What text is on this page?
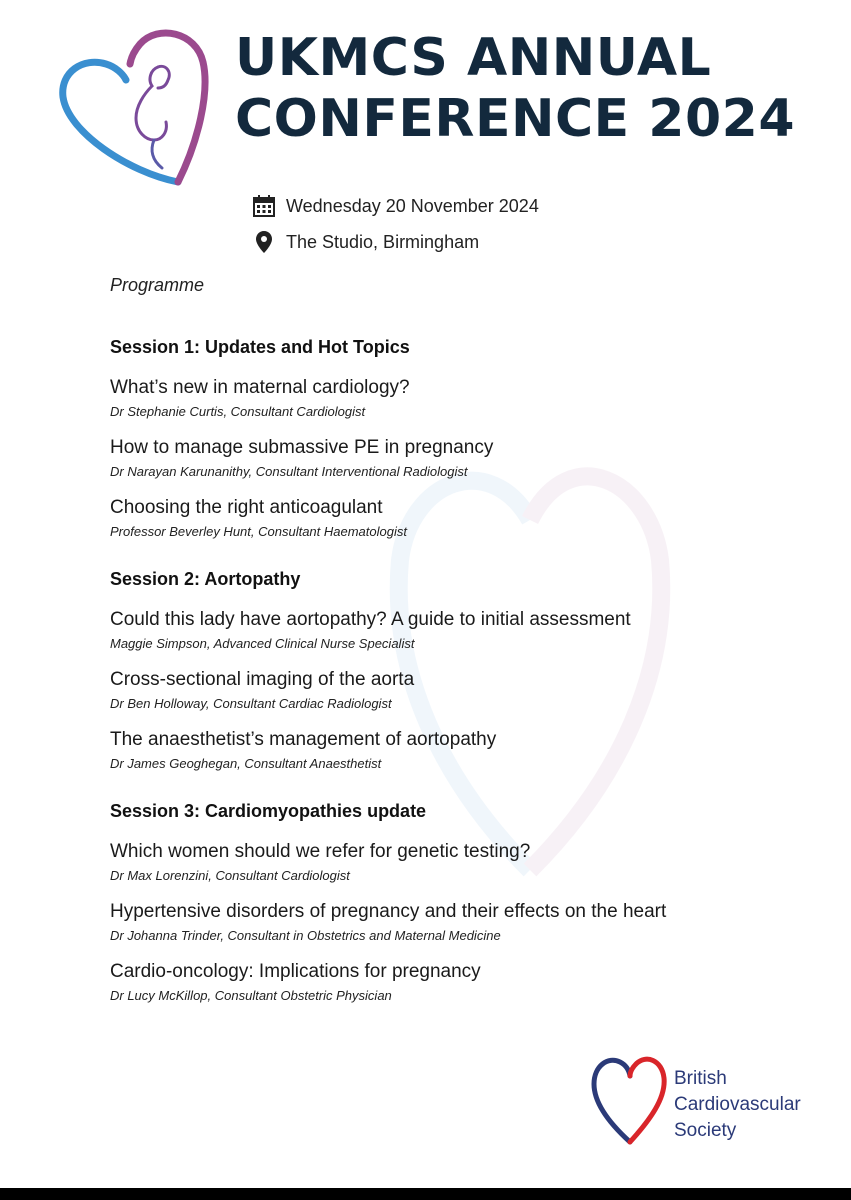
UKMCS ANNUAL
CONFERENCE 2024
Wednesday 20 November 2024
The Studio, Birmingham
Programme
Session 1: Updates and Hot Topics
What’s new in maternal cardiology?
Dr Stephanie Curtis, Consultant Cardiologist
How to manage submassive PE in pregnancy
Dr Narayan Karunanithy, Consultant Interventional Radiologist
Choosing the right anticoagulant
Professor Beverley Hunt, Consultant Haematologist
Session 2: Aortopathy
Could this lady have aortopathy? A guide to initial assessment
Maggie Simpson, Advanced Clinical Nurse Specialist
Cross-sectional imaging of the aorta
Dr Ben Holloway, Consultant Cardiac Radiologist
The anaesthetist’s management of aortopathy
Dr James Geoghegan, Consultant Anaesthetist
Session 3: Cardiomyopathies update
Which women should we refer for genetic testing?
Dr Max Lorenzini, Consultant Cardiologist
Hypertensive disorders of pregnancy and their effects on the heart
Dr Johanna Trinder, Consultant in Obstetrics and Maternal Medicine
Cardio-oncology: Implications for pregnancy
Dr Lucy McKillop, Consultant Obstetric Physician
British
Cardiovascular
Society
